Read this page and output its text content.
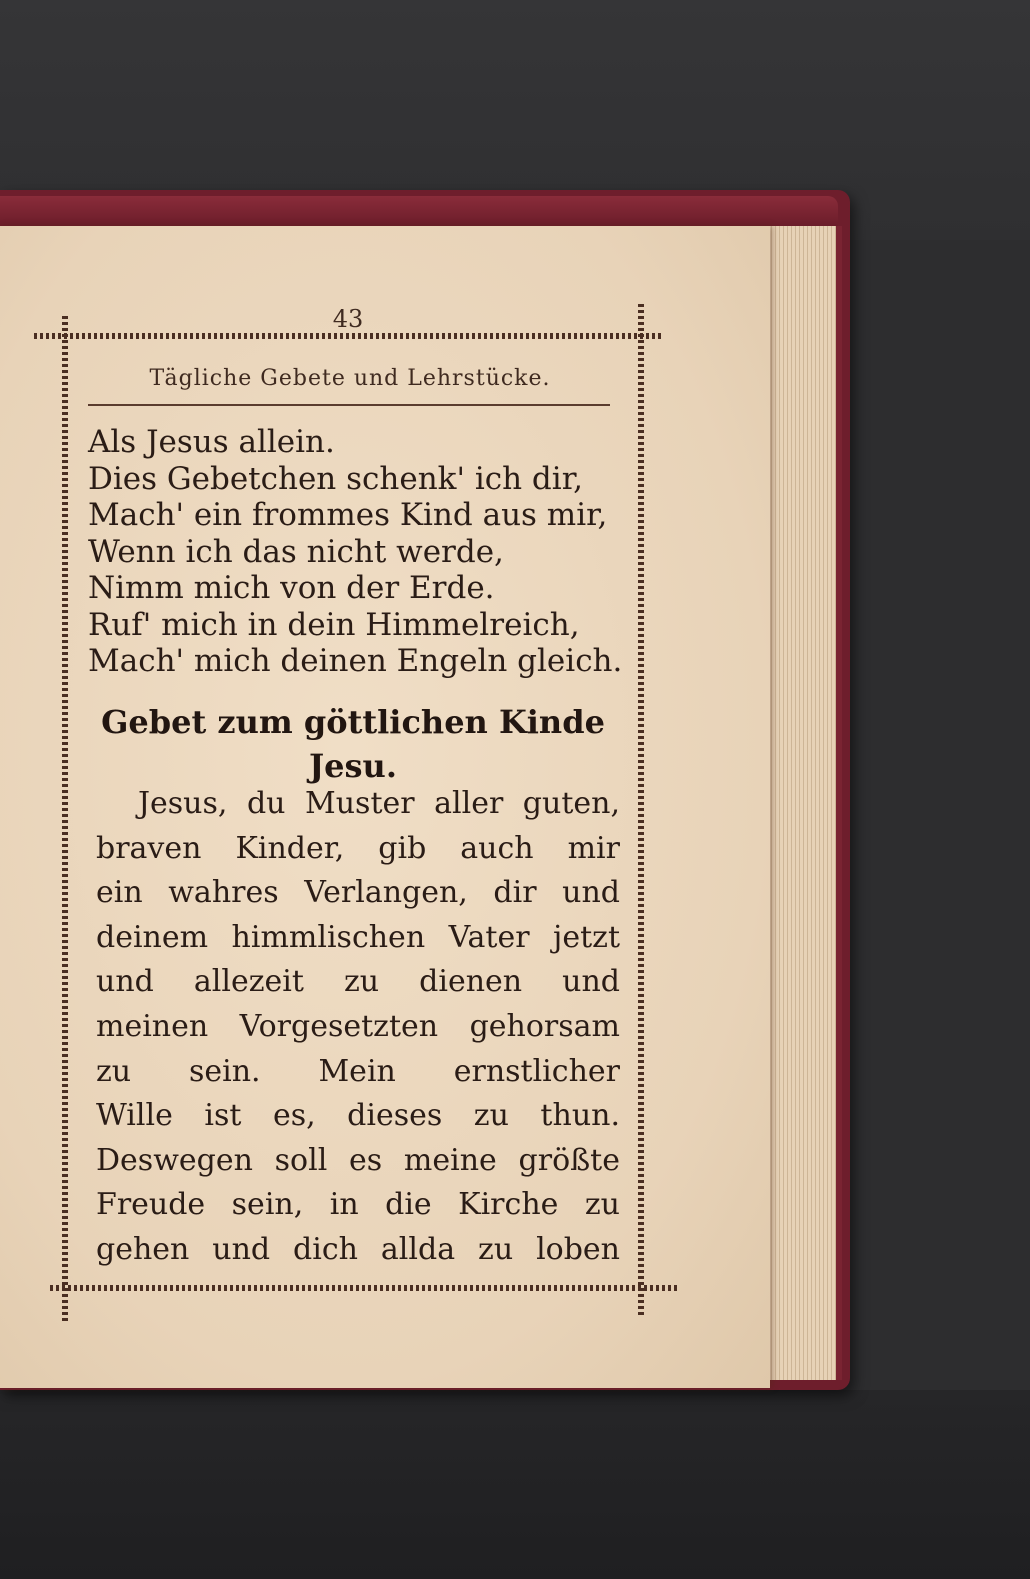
43
Tägliche Gebete und Lehrstücke.
Als Jesus allein.
Dies Gebetchen schenk' ich dir,
Mach' ein frommes Kind aus mir,
Wenn ich das nicht werde,
Nimm mich von der Erde.
Ruf' mich in dein Himmelreich,
Mach' mich deinen Engeln gleich.
Gebet zum göttlichen Kinde
Jesu.
Jesus, du Muster aller guten,
braven Kinder, gib auch mir
ein wahres Verlangen, dir und
deinem himmlischen Vater jetzt
und allezeit zu dienen und
meinen Vorgesetzten gehorsam
zu sein. Mein ernstlicher
Wille ist es, dieses zu thun.
Deswegen soll es meine größte
Freude sein, in die Kirche zu
gehen und dich allda zu loben
